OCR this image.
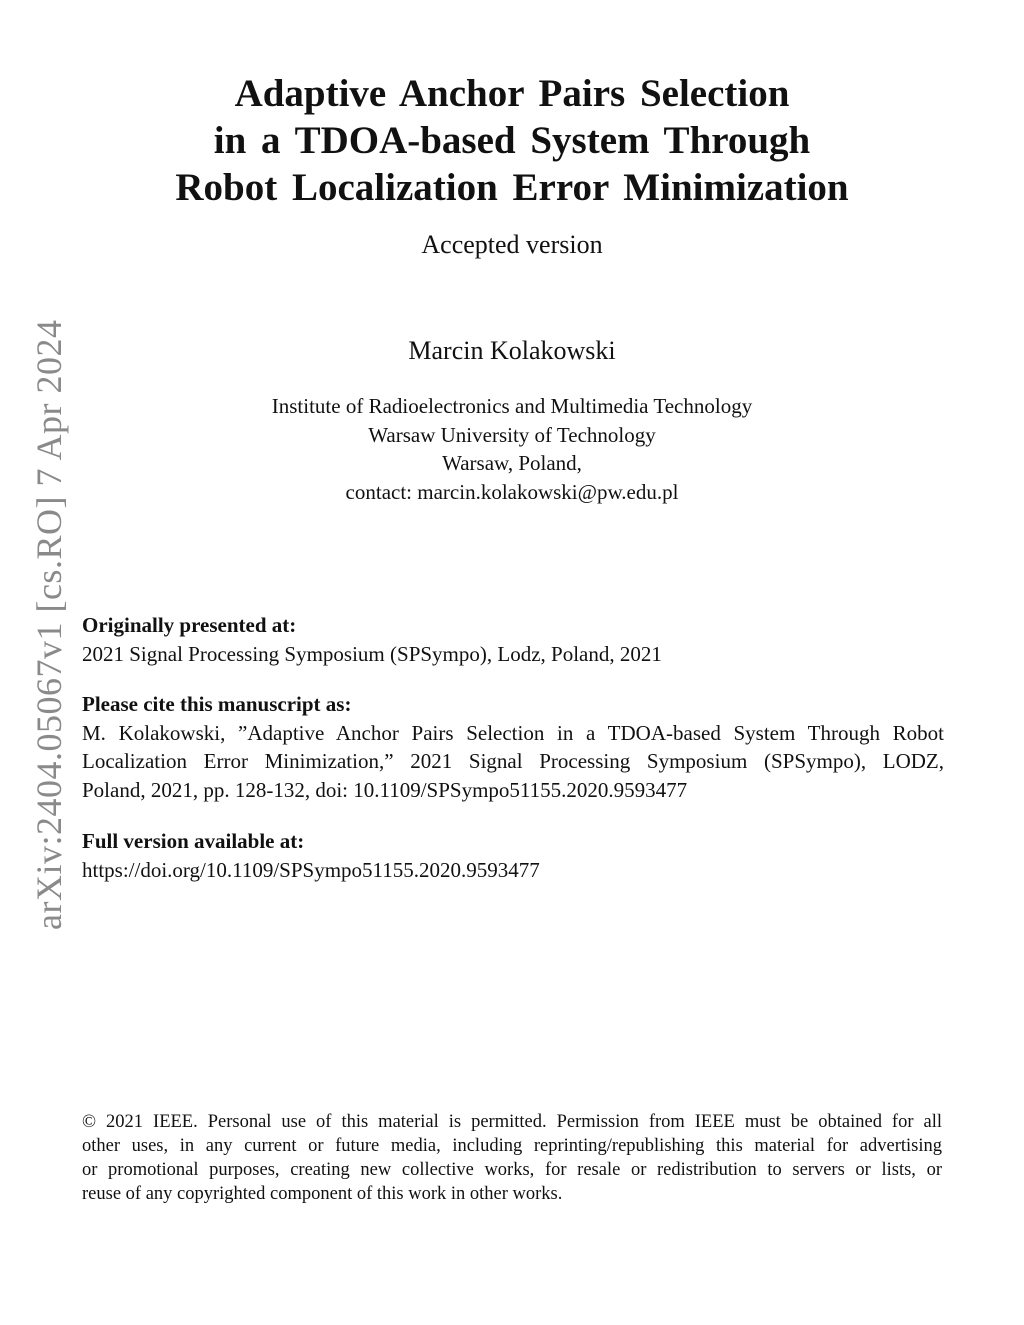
arXiv:2404.05067v1 [cs.RO] 7 Apr 2024
Adaptive Anchor Pairs Selection
in a TDOA-based System Through
Robot Localization Error Minimization
Accepted version
Marcin Kolakowski
Institute of Radioelectronics and Multimedia Technology
Warsaw University of Technology
Warsaw, Poland,
contact: marcin.kolakowski@pw.edu.pl
Originally presented at:
2021 Signal Processing Symposium (SPSympo), Lodz, Poland, 2021
Please cite this manuscript as:
M. Kolakowski, ”Adaptive Anchor Pairs Selection in a TDOA-based System Through Robot
Localization Error Minimization,” 2021 Signal Processing Symposium (SPSympo), LODZ,
Poland, 2021, pp. 128-132, doi: 10.1109/SPSympo51155.2020.9593477
Full version available at:
https://doi.org/10.1109/SPSympo51155.2020.9593477
© 2021 IEEE. Personal use of this material is permitted. Permission from IEEE must be obtained for all
other uses, in any current or future media, including reprinting/republishing this material for advertising
or promotional purposes, creating new collective works, for resale or redistribution to servers or lists, or
reuse of any copyrighted component of this work in other works.
